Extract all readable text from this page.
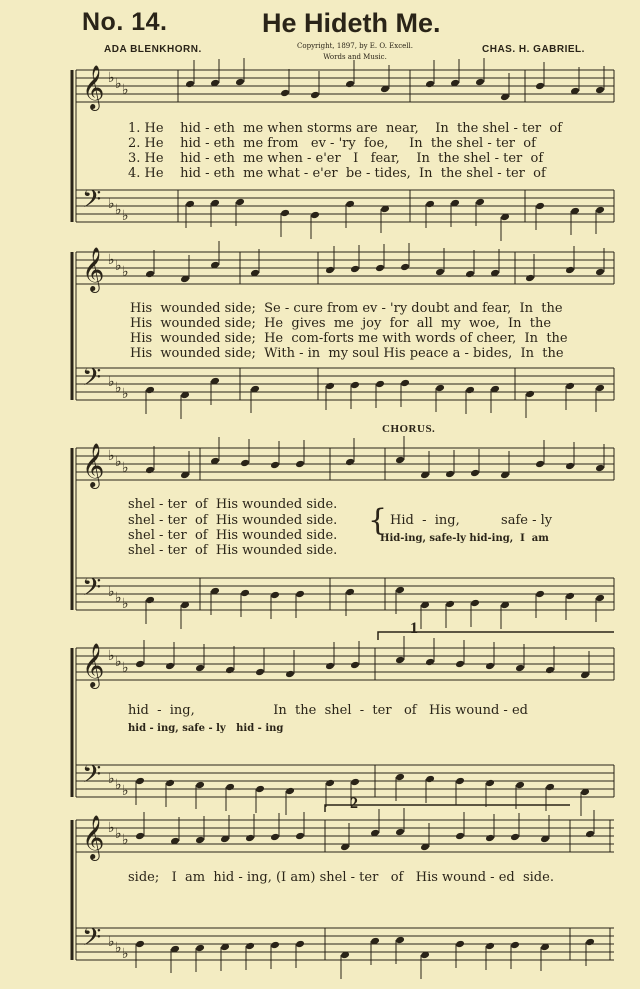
No. 14.	He Hideth Me.
ADA BLENKHORN.	Copyright, 1897, by E. O. Excell.
Words and Music.
CHAS. H. GABRIEL.
𝄞
𝄢
♭
♭
♭
♭
♭
♭
𝄞
𝄢
♭
♭
♭
♭
♭
♭
𝄞
𝄢
♭
♭
♭
♭
♭
♭
𝄞
𝄢
♭
♭
♭
♭
♭
♭
𝄞
𝄢
♭
♭
♭
♭
♭
♭
1. He    hid - eth  me when storms are  near,    In  the shel - ter  of
2. He    hid - eth  me from   ev - 'ry  foe,     In  the shel - ter  of
3. He    hid - eth  me when - e'er   I   fear,    In  the shel - ter  of
4. He    hid - eth  me what - e'er  be - tides,  In  the shel - ter  of
His  wounded side;  Se - cure from ev - 'ry doubt and fear,  In  the
His  wounded side;  He  gives  me  joy  for  all  my  woe,  In  the
His  wounded side;  He  com-forts me with words of cheer,  In  the
His  wounded side;  With - in  my soul His peace a - bides,  In  the
CHORUS.
shel - ter  of  His wounded side.
shel - ter  of  His wounded side.
shel - ter  of  His wounded side.
shel - ter  of  His wounded side.
{ Hid  -  ing,          safe - ly
Hid-ing, safe-ly hid-ing,  I  am
1
hid  -  ing,                   In  the  shel  -  ter   of   His wound - ed
hid - ing, safe - ly   hid - ing
2
side;   I  am  hid - ing, (I am) shel - ter   of   His wound - ed  side.
